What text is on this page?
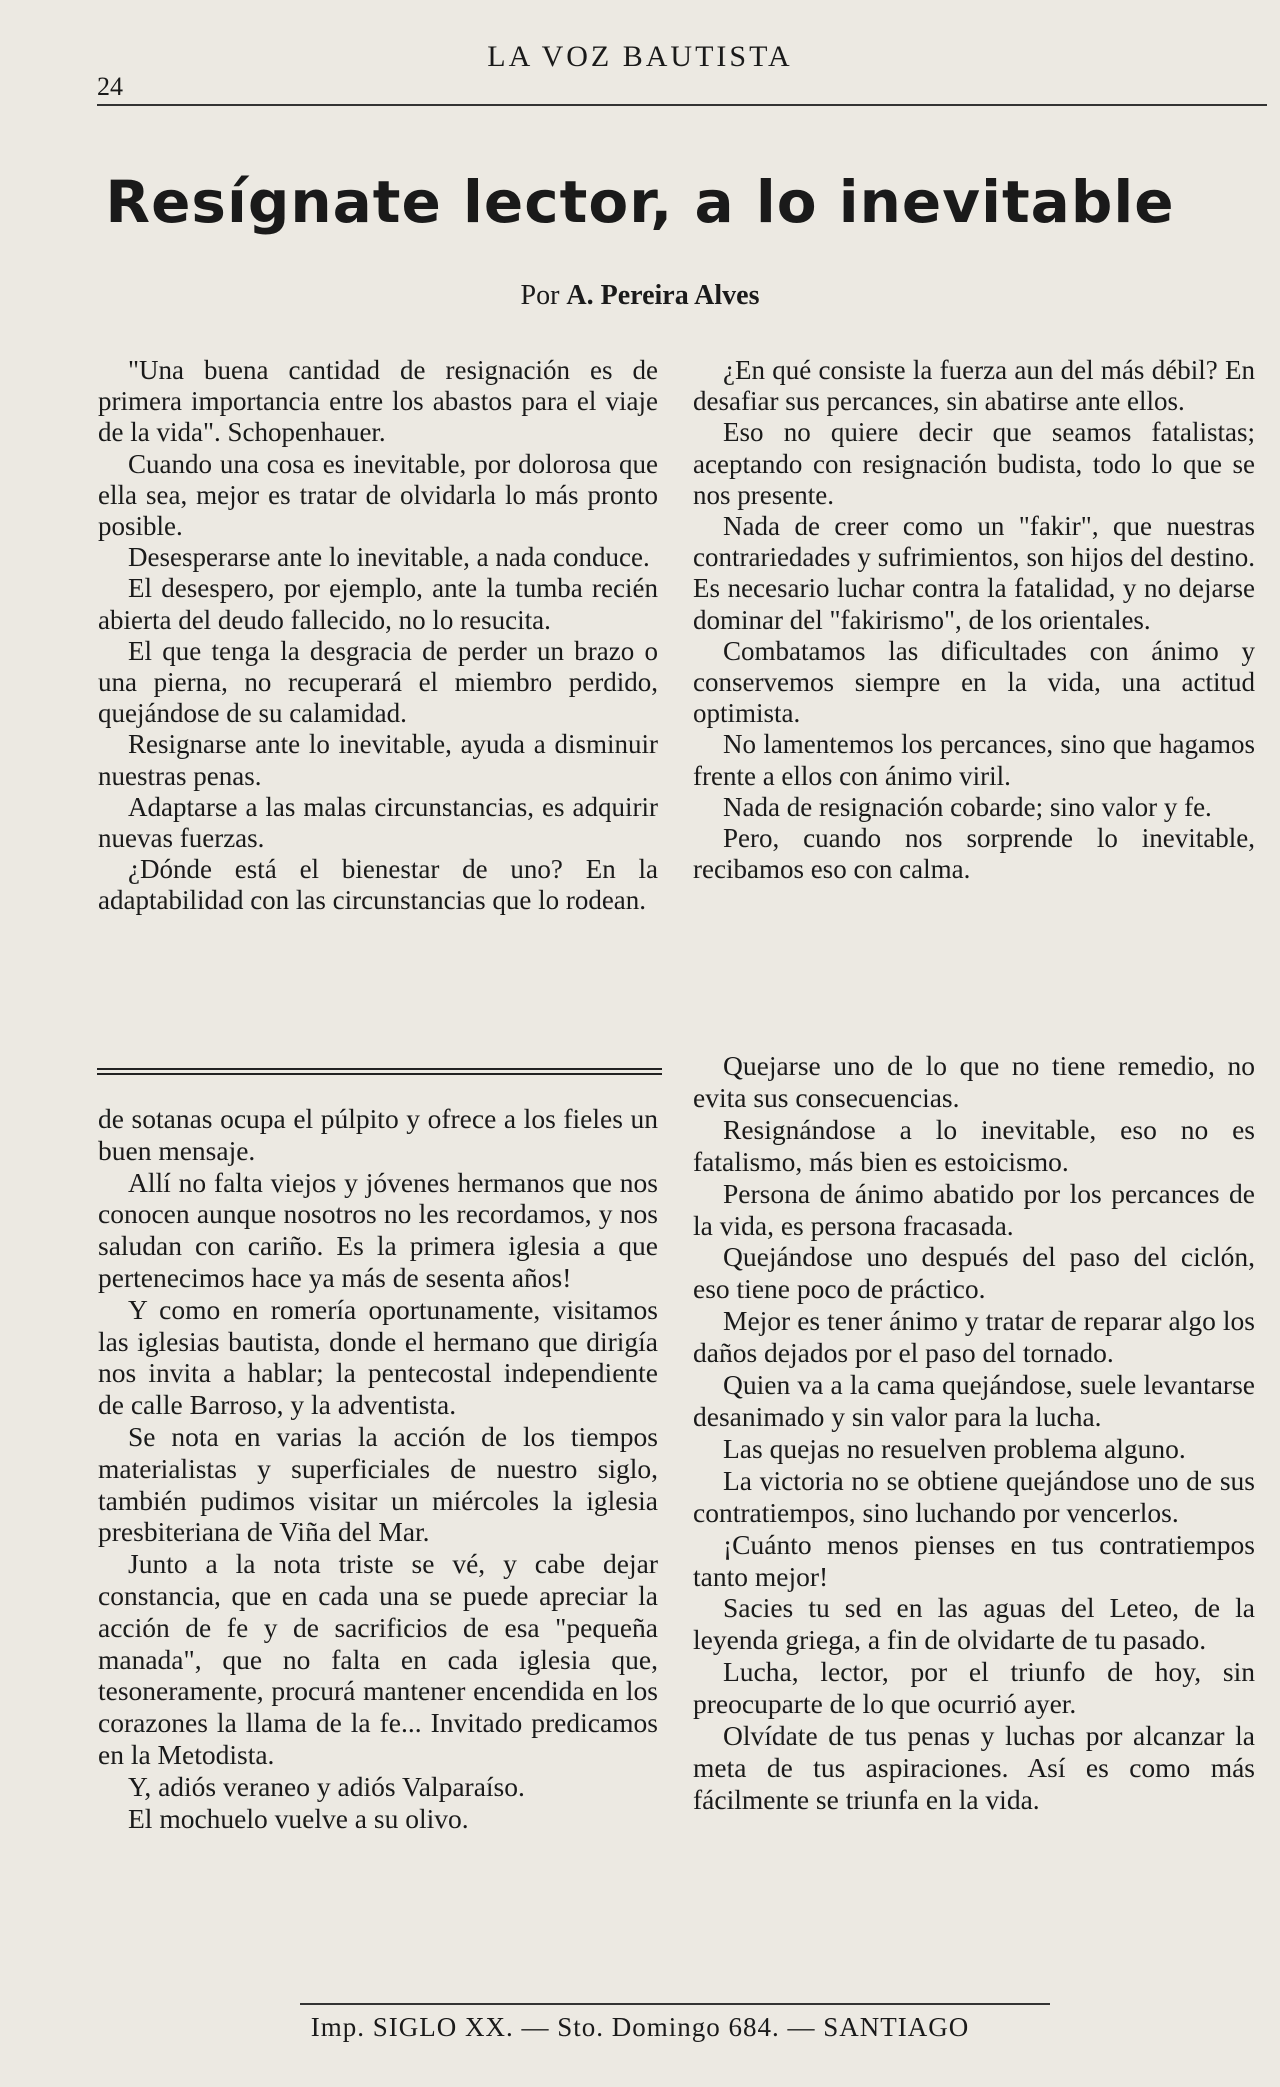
24
LA VOZ BAUTISTA
Resígnate lector, a lo inevitable
Por A. Pereira Alves

"Una buena cantidad de resignación es de primera importancia entre los abastos para el viaje de la vida". Schopenhauer.

Cuando una cosa es inevitable, por dolorosa que ella sea, mejor es tratar de olvidarla lo más pronto posible.

Desesperarse ante lo inevitable, a nada conduce.

El desespero, por ejemplo, ante la tumba recién abierta del deudo fallecido, no lo resucita.

El que tenga la desgracia de perder un brazo o una pierna, no recuperará el miembro perdido, quejándose de su calamidad.

Resignarse ante lo inevitable, ayuda a disminuir nuestras penas.

Adaptarse a las malas circunstancias, es adquirir nuevas fuerzas.

¿Dónde está el bienestar de uno? En la adaptabilidad con las circunstancias que lo rodean.

¿En qué consiste la fuerza aun del más débil? En desafiar sus percances, sin abatirse ante ellos.

Eso no quiere decir que seamos fatalistas; aceptando con resignación budista, todo lo que se nos presente.

Nada de creer como un "fakir", que nuestras contrariedades y sufrimientos, son hijos del destino. Es necesario luchar contra la fatalidad, y no dejarse dominar del "fakirismo", de los orientales.

Combatamos las dificultades con ánimo y conservemos siempre en la vida, una actitud optimista.

No lamentemos los percances, sino que hagamos frente a ellos con ánimo viril.

Nada de resignación cobarde; sino valor y fe.

Pero, cuando nos sorprende lo inevitable, recibamos eso con calma.

de sotanas ocupa el púlpito y ofrece a los fieles un buen mensaje.

Allí no falta viejos y jóvenes hermanos que nos conocen aunque nosotros no les recordamos, y nos saludan con cariño. Es la primera iglesia a que pertenecimos hace ya más de sesenta años!

Y como en romería oportunamente, visitamos las iglesias bautista, donde el hermano que dirigía nos invita a hablar; la pentecostal independiente de calle Barroso, y la adventista.

Se nota en varias la acción de los tiempos materialistas y superficiales de nuestro siglo, también pudimos visitar un miércoles la iglesia presbiteriana de Viña del Mar.

Junto a la nota triste se vé, y cabe dejar constancia, que en cada una se puede apreciar la acción de fe y de sacrificios de esa "pequeña manada", que no falta en cada iglesia que, tesoneramente, procurá mantener encendida en los corazones la llama de la fe... Invitado predicamos en la Metodista.

Y, adiós veraneo y adiós Valparaíso.

El mochuelo vuelve a su olivo.

Quejarse uno de lo que no tiene remedio, no evita sus consecuencias.

Resignándose a lo inevitable, eso no es fatalismo, más bien es estoicismo.

Persona de ánimo abatido por los percances de la vida, es persona fracasada.

Quejándose uno después del paso del ciclón, eso tiene poco de práctico.

Mejor es tener ánimo y tratar de reparar algo los daños dejados por el paso del tornado.

Quien va a la cama quejándose, suele levantarse desanimado y sin valor para la lucha.

Las quejas no resuelven problema alguno.

La victoria no se obtiene quejándose uno de sus contratiempos, sino luchando por vencerlos.

¡Cuánto menos pienses en tus contratiempos tanto mejor!

Sacies tu sed en las aguas del Leteo, de la leyenda griega, a fin de olvidarte de tu pasado.

Lucha, lector, por el triunfo de hoy, sin preocuparte de lo que ocurrió ayer.

Olvídate de tus penas y luchas por alcanzar la meta de tus aspiraciones. Así es como más fácilmente se triunfa en la vida.

Imp. SIGLO XX. — Sto. Domingo 684. — SANTIAGO
